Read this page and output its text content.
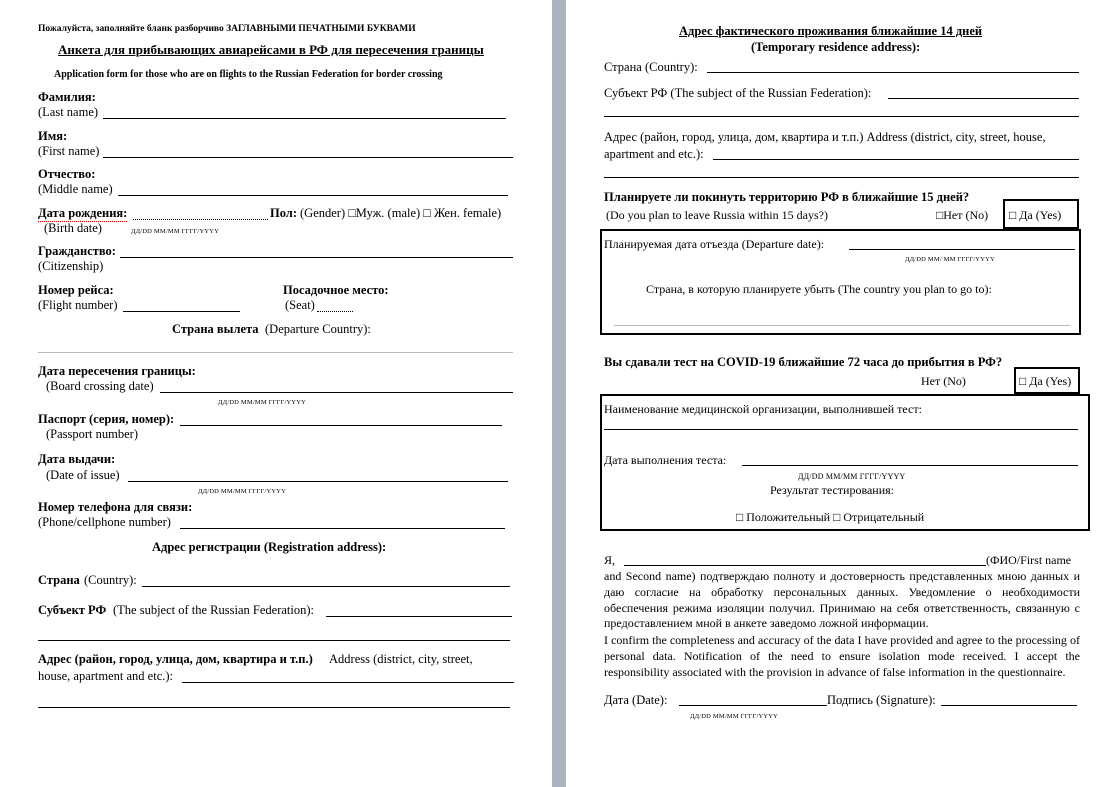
Пожалуйста, заполняйте бланк разборчиво ЗАГЛАВНЫМИ ПЕЧАТНЫМИ БУКВАМИ
Анкета для прибывающих авиарейсами в РФ для пересечения границы
Application form for those who are on flights to the Russian Federation for border crossing
Фамилия:
(Last name)
Имя:
(First name)
Отчество:
(Middle name)
Дата рождения:	Пол: (Gender) □Муж. (male) □ Жен. female)
(Birth date)	ДД/DD ММ/ММ ГГГГ/YYYY
Гражданство:
(Citizenship)
Номер рейса:
(Flight number)
Посадочное место:
(Seat)
Страна вылета (Departure Country):
Дата пересечения границы:
(Board crossing date)
ДД/DD ММ/ММ ГГГГ/YYYY
Паспорт (серия, номер):
(Passport number)
Дата выдачи:
(Date of issue)
ДД/DD ММ/ММ ГГГГ/YYYY
Номер телефона для связи:
(Phone/cellphone number)
Адрес регистрации (Registration address):
Страна (Country):
Субъект РФ (The subject of the Russian Federation):
Адрес (район, город, улица, дом, квартира и т.п.) Address (district, city, street,
house, apartment and etc.):
Адрес фактического проживания ближайшие 14 дней
(Temporary residence address):
Страна (Country):
Субъект РФ (The subject of the Russian Federation):
Адрес (район, город, улица, дом, квартира и т.п.) Address (district, city, street, house,
apartment and etc.):
Планируете ли покинуть территорию РФ в ближайшие 15 дней?
(Do you plan to leave Russia within 15 days?)	□Нет (No) □ Да (Yes)
Планируемая дата отъезда (Departure date):
ДД/DD ММ/ ММ ГГГГ/YYYY
Страна, в которую планируете убыть (The country you plan to go to):
Вы сдавали тест на COVID-19 ближайшие 72 часа до прибытия в РФ?
Нет (No)	□ Да (Yes)
Наименование медицинской организации, выполнившей тест:
Дата выполнения теста:
ДД/DD ММ/ММ ГГГГ/YYYY
Результат тестирования:
□ Положительный □ Отрицательный
Я,	(ФИО/First name
and Second name) подтверждаю полноту и достоверность представленных мною данных и даю согласие на обработку персональных данных. Уведомление о необходимости обеспечения режима изоляции получил. Принимаю на себя ответственность, связанную с предоставлением мной в анкете заведомо ложной информации.
I confirm the completeness and accuracy of the data I have provided and agree to the processing of personal data. Notification of the need to ensure isolation mode received. I accept the responsibility associated with the provision in advance of false information in the questionnaire.
Дата (Date):	Подпись (Signature):
ДД/DD ММ/ММ ГГГГ/YYYY
